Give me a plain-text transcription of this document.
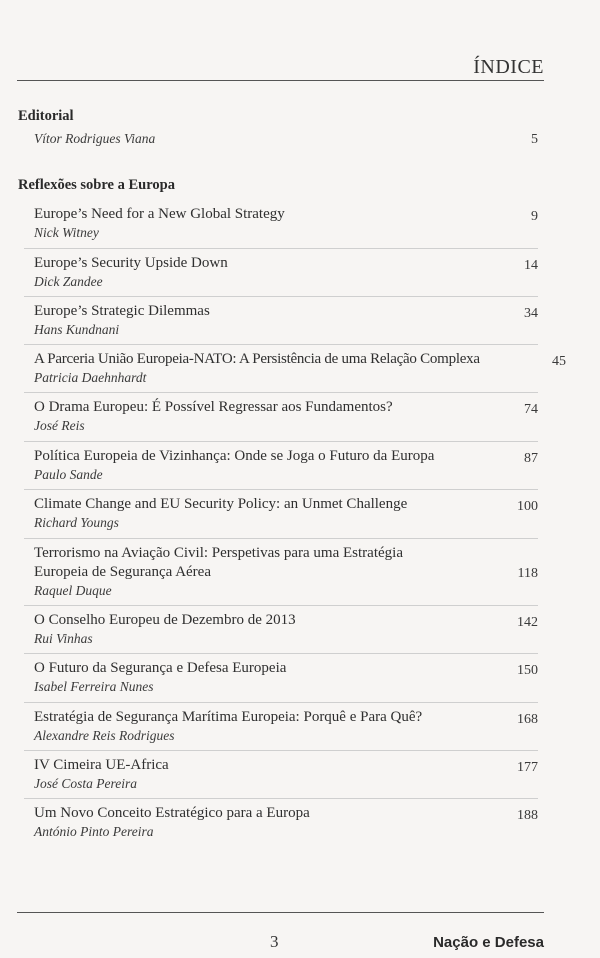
ÍNDICE
Editorial
Vítor Rodrigues Viana	5
Reflexões sobre a Europa
Europe’s Need for a New Global Strategy
Nick Witney
9
Europe’s Security Upside Down
Dick Zandee
14
Europe’s Strategic Dilemmas
Hans Kundnani
34
A Parceria União Europeia-NATO: A Persistência de uma Relação Complexa
Patricia Daehnhardt
45
O Drama Europeu: É Possível Regressar aos Fundamentos?
José Reis
74
Política Europeia de Vizinhança: Onde se Joga o Futuro da Europa
Paulo Sande
87
Climate Change and EU Security Policy: an Unmet Challenge
Richard Youngs
100
Terrorismo na Aviação Civil: Perspetivas para uma Estratégia Europeia de Segurança Aérea
Raquel Duque
118
O Conselho Europeu de Dezembro de 2013
Rui Vinhas
142
O Futuro da Segurança e Defesa Europeia
Isabel Ferreira Nunes
150
Estratégia de Segurança Marítima Europeia: Porquê e Para Quê?
Alexandre Reis Rodrigues
168
IV Cimeira UE-Africa
José Costa Pereira
177
Um Novo Conceito Estratégico para a Europa
António Pinto Pereira
188
3	Nação e Defesa
